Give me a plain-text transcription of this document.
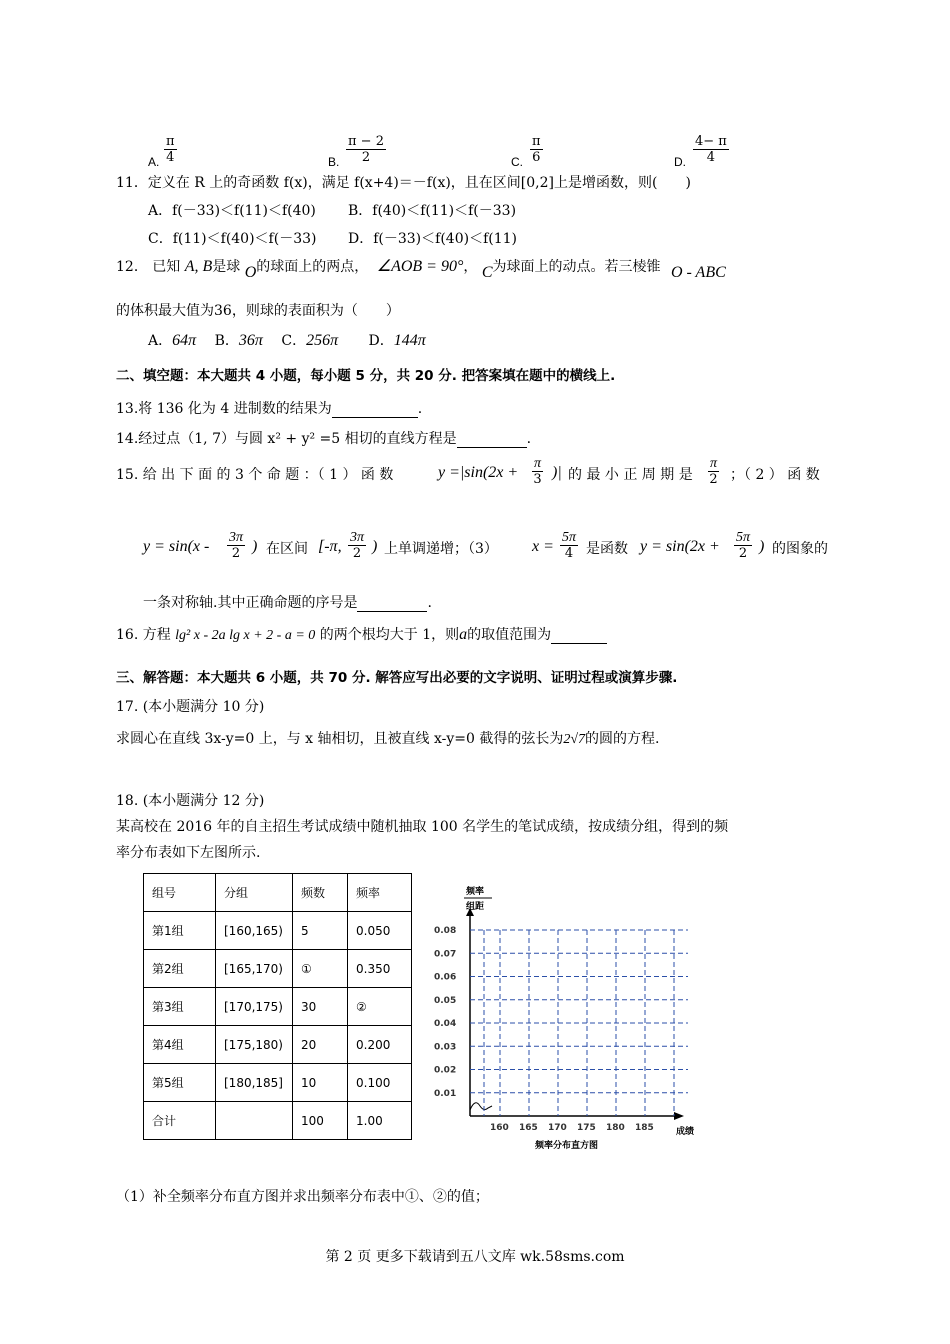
A. $\frac{\pi}{4}$	B. $\frac{\pi - 2}{2}$	C. $\frac{\pi}{6}$	D. $\frac{4- \pi}{4}$
11．定义在 R 上的奇函数 f(x)，满足 f(x+4)＝－f(x)，且在区间[0,2]上是增函数，则(　　)
A．f(－33)＜f(11)＜f(40) B．f(40)＜f(11)＜f(－33)
C．f(11)＜f(40)＜f(－33) D．f(－33)＜f(40)＜f(11)
12． 已知 A, B是球 O的球面上的两点， ∠AOB = 90°， C为球面上的动点。若三棱锥 O - ABC
的体积最大值为36，则球的表面积为（　　）
A．64π B．36π C．256π D．144π
二、填空题：本大题共 4 小题，每小题 5 分，共 20 分. 把答案填在题中的横线上.
13.将 136 化为 4 进制数的结果为	.
14.经过点（1, 7）与圆 x² + y² =5 相切的直线方程是	.
15. 给 出 下 面 的 3 个 命 题 ：（ 1 ） 函 数	$y =|\sin(2x + \frac{\pi}{3}$ )| 的 最 小 正 周 期 是 $\frac{\pi}{2}$ ；（ 2 ） 函 数
$y = \sin(x - \frac{3\pi}{2}$ ) 在区间 [-π, $\frac{3\pi}{2}$ ) 上单调递增；（3） $x = \frac{5\pi}{4}$ 是函数 $y = \sin(2x + \frac{5\pi}{2}$ ) 的图象的
一条对称轴.其中正确命题的序号是	.
16. 方程 lg² x - 2a lg x + 2 - a = 0 的两个根均大于 1，则a的取值范围为
三、解答题：本大题共 6 小题，共 70 分. 解答应写出必要的文字说明、证明过程或演算步骤.
17. (本小题满分 10 分)
求圆心在直线 3x-y=0 上，与 x 轴相切，且被直线 x-y=0 截得的弦长为2√7的圆的方程.
18. (本小题满分 12 分)
某高校在 2016 年的自主招生考试成绩中随机抽取 100 名学生的笔试成绩，按成绩分组，得到的频
率分布表如下左图所示.
组号	分组	频数	频率
第1组	[160,165)	5	0.050
第2组	[165,170)	①	0.350
第3组	[170,175)	30	②
第4组	[175,180)	20	0.200
第5组	[180,185]	10	0.100
合计		100	1.00
0.01
0.02
0.03
0.04
0.05
0.06
0.07
0.08
160 165 170 175 180 185
频率
组距
成绩
频率分布直方图
（1）补全频率分布直方图并求出频率分布表中①、②的值；
第 2 页 更多下载请到五八文库 wk.58sms.com
